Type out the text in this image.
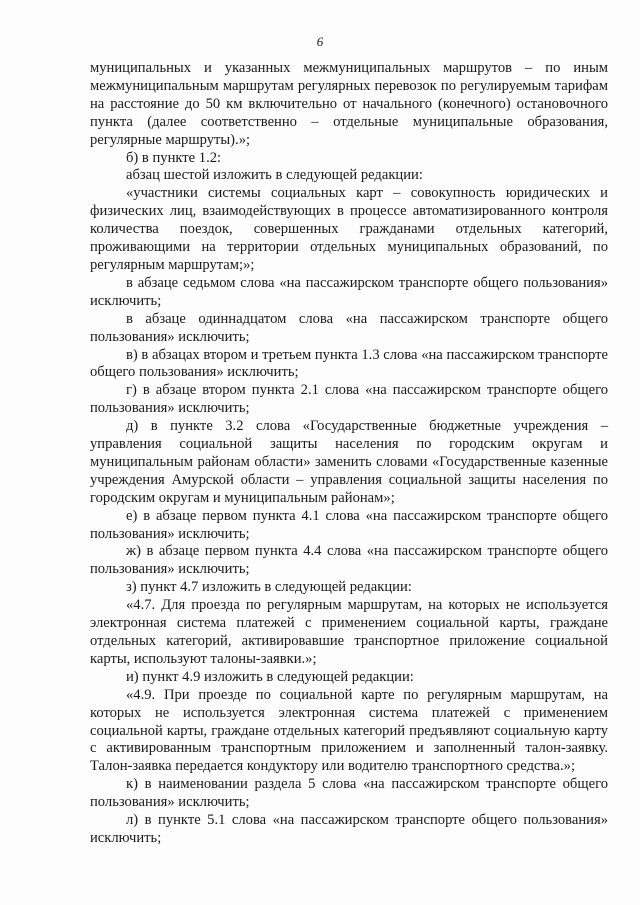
6

муниципальных и указанных межмуниципальных маршрутов – по иным межмуниципальным маршрутам регулярных перевозок по регулируемым тарифам на расстояние до 50 км включительно от начального (конечного) остановочного пункта (далее соответственно – отдельные муниципальные образования, регулярные маршруты).»;

б) в пункте 1.2:

абзац шестой изложить в следующей редакции:

«участники системы социальных карт – совокупность юридических и физических лиц, взаимодействующих в процессе автоматизированного контроля количества поездок, совершенных гражданами отдельных категорий, проживающими на территории отдельных муниципальных образований, по регулярным маршрутам;»;

в абзаце седьмом слова «на пассажирском транспорте общего пользования» исключить;

в абзаце одиннадцатом слова «на пассажирском транспорте общего пользования» исключить;

в) в абзацах втором и третьем пункта 1.3 слова «на пассажирском транспорте общего пользования» исключить;

г) в абзаце втором пункта 2.1 слова «на пассажирском транспорте общего пользования» исключить;

д) в пункте 3.2 слова «Государственные бюджетные учреждения – управления социальной защиты населения по городским округам и муниципальным районам области» заменить словами «Государственные казенные учреждения Амурской области – управления социальной защиты населения по городским округам и муниципальным районам»;

е) в абзаце первом пункта 4.1 слова «на пассажирском транспорте общего пользования» исключить;

ж) в абзаце первом пункта 4.4 слова «на пассажирском транспорте общего пользования» исключить;

з) пункт 4.7 изложить в следующей редакции:

«4.7. Для проезда по регулярным маршрутам, на которых не используется электронная система платежей с применением социальной карты, граждане отдельных категорий, активировавшие транспортное приложение социальной карты, используют талоны-заявки.»;

и) пункт 4.9 изложить в следующей редакции:

«4.9. При проезде по социальной карте по регулярным маршрутам, на которых не используется электронная система платежей с применением социальной карты, граждане отдельных категорий предъявляют социальную карту с активированным транспортным приложением и заполненный талон-заявку. Талон-заявка передается кондуктору или водителю транспортного средства.»;

к) в наименовании раздела 5 слова «на пассажирском транспорте общего пользования» исключить;

л) в пункте 5.1 слова «на пассажирском транспорте общего пользования» исключить;
